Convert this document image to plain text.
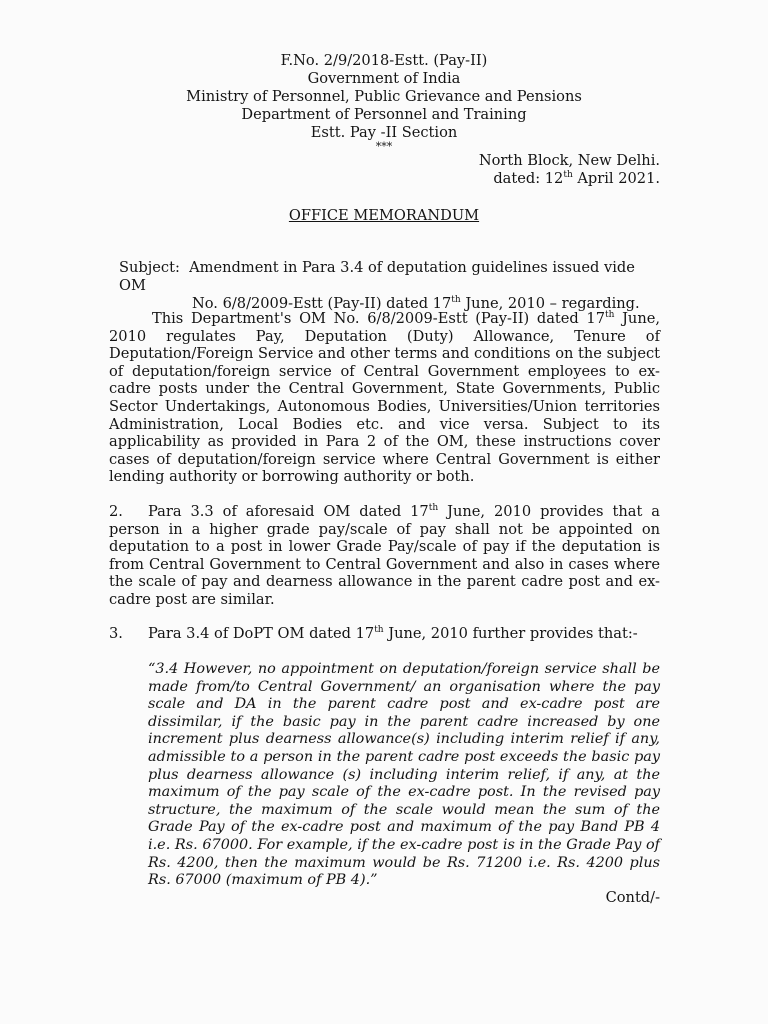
F.No. 2/9/2018-Estt. (Pay-II)
Government of India
Ministry of Personnel, Public Grievance and Pensions
Department of Personnel and Training
Estt. Pay -II Section
***
North Block, New Delhi.
dated: 12th April 2021.
OFFICE MEMORANDUM
Subject: Amendment in Para 3.4 of deputation guidelines issued vide OM
No. 6/8/2009-Estt (Pay-II) dated 17th June, 2010 – regarding.
This Department's OM No. 6/8/2009-Estt (Pay-II) dated 17th June, 2010 regulates Pay, Deputation (Duty) Allowance, Tenure of Deputation/Foreign Service and other terms and conditions on the subject of deputation/foreign service of Central Government employees to ex-cadre posts under the Central Government, State Governments, Public Sector Undertakings, Autonomous Bodies, Universities/Union territories Administration, Local Bodies etc. and vice versa. Subject to its applicability as provided in Para 2 of the OM, these instructions cover cases of deputation/foreign service where Central Government is either lending authority or borrowing authority or both.
2. Para 3.3 of aforesaid OM dated 17th June, 2010 provides that a person in a higher grade pay/scale of pay shall not be appointed on deputation to a post in lower Grade Pay/scale of pay if the deputation is from Central Government to Central Government and also in cases where the scale of pay and dearness allowance in the parent cadre post and ex-cadre post are similar.
3. Para 3.4 of DoPT OM dated 17th June, 2010 further provides that:-
“3.4 However, no appointment on deputation/foreign service shall be made from/to Central Government/ an organisation where the pay scale and DA in the parent cadre post and ex-cadre post are dissimilar, if the basic pay in the parent cadre increased by one increment plus dearness allowance(s) including interim relief if any, admissible to a person in the parent cadre post exceeds the basic pay plus dearness allowance (s) including interim relief, if any, at the maximum of the pay scale of the ex-cadre post. In the revised pay structure, the maximum of the scale would mean the sum of the Grade Pay of the ex-cadre post and maximum of the pay Band PB 4 i.e. Rs. 67000. For example, if the ex-cadre post is in the Grade Pay of Rs. 4200, then the maximum would be Rs. 71200 i.e. Rs. 4200 plus Rs. 67000 (maximum of PB 4).”
Contd/-
